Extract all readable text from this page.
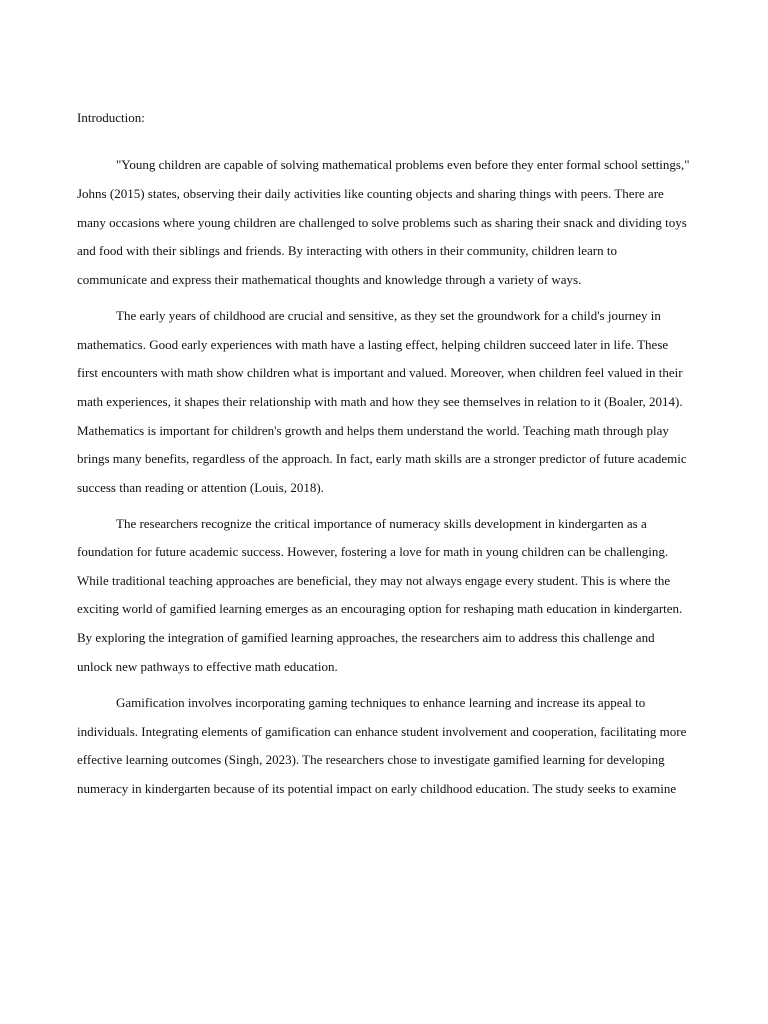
Introduction:

"Young children are capable of solving mathematical problems even before they enter formal school settings,"

Johns (2015) states, observing their daily activities like counting objects and sharing things with peers. There are

many occasions where young children are challenged to solve problems such as sharing their snack and dividing toys

and food with their siblings and friends. By interacting with others in their community, children learn to

communicate and express their mathematical thoughts and knowledge through a variety of ways.

The early years of childhood are crucial and sensitive, as they set the groundwork for a child's journey in

mathematics. Good early experiences with math have a lasting effect, helping children succeed later in life. These

first encounters with math show children what is important and valued. Moreover, when children feel valued in their

math experiences, it shapes their relationship with math and how they see themselves in relation to it (Boaler, 2014).

Mathematics is important for children's growth and helps them understand the world. Teaching math through play

brings many benefits, regardless of the approach. In fact, early math skills are a stronger predictor of future academic

success than reading or attention (Louis, 2018).

The researchers recognize the critical importance of numeracy skills development in kindergarten as a

foundation for future academic success. However, fostering a love for math in young children can be challenging.

While traditional teaching approaches are beneficial, they may not always engage every student. This is where the

exciting world of gamified learning emerges as an encouraging option for reshaping math education in kindergarten.

By exploring the integration of gamified learning approaches, the researchers aim to address this challenge and

unlock new pathways to effective math education.

Gamification involves incorporating gaming techniques to enhance learning and increase its appeal to

individuals. Integrating elements of gamification can enhance student involvement and cooperation, facilitating more

effective learning outcomes (Singh, 2023). The researchers chose to investigate gamified learning for developing

numeracy in kindergarten because of its potential impact on early childhood education. The study seeks to examine
